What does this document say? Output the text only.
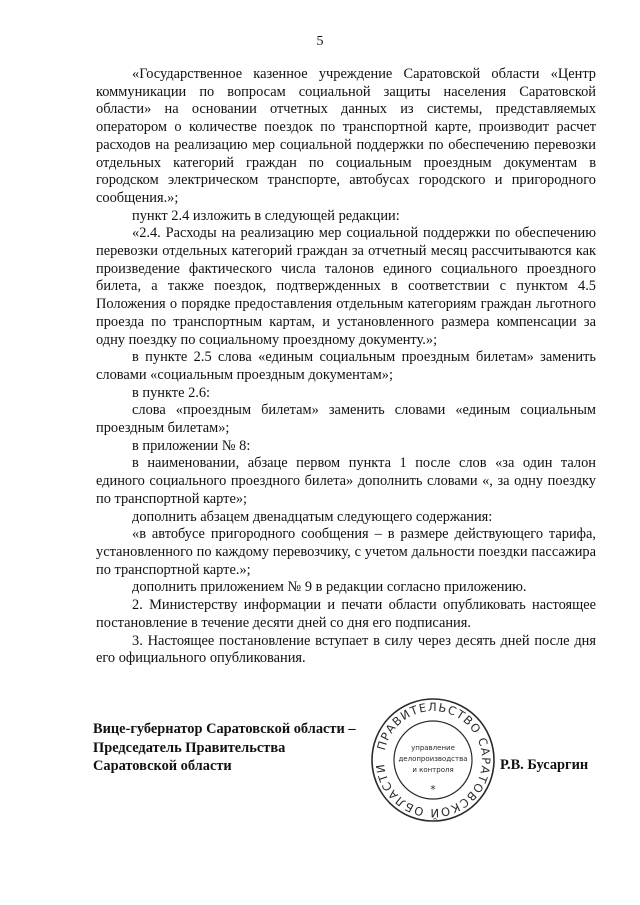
5

«Государственное казенное учреждение Саратовской области «Центр коммуникации по вопросам социальной защиты населения Саратовской области» на основании отчетных данных из системы, представляемых оператором о количестве поездок по транспортной карте, производит расчет расходов на реализацию мер социальной поддержки по обеспечению перевозки отдельных категорий граждан по социальным проездным документам в городском электрическом транспорте, автобусах городского и пригородного сообщения.»;

пункт 2.4 изложить в следующей редакции:

«2.4. Расходы на реализацию мер социальной поддержки по обеспечению перевозки отдельных категорий граждан за отчетный месяц рассчитываются как произведение фактического числа талонов единого социального проездного билета, а также поездок, подтвержденных в соответствии с пунктом 4.5 Положения о порядке предоставления отдельным категориям граждан льготного проезда по транспортным картам, и установленного размера компенсации за одну поездку по социальному проездному документу.»;

в пункте 2.5 слова «единым социальным проездным билетам» заменить словами «социальным проездным документам»;

в пункте 2.6:

слова «проездным билетам» заменить словами «единым социальным проездным билетам»;

в приложении № 8:

в наименовании, абзаце первом пункта 1 после слов «за один талон единого социального проездного билета» дополнить словами «, за одну поездку по транспортной карте»;

дополнить абзацем двенадцатым следующего содержания:

«в автобусе пригородного сообщения – в размере действующего тарифа, установленного по каждому перевозчику, с учетом дальности поездки пассажира по транспортной карте.»;

дополнить приложением № 9 в редакции согласно приложению.

2. Министерству информации и печати области опубликовать настоящее постановление в течение десяти дней со дня его подписания.

3. Настоящее постановление вступает в силу через десять дней после дня его официального опубликования.

Вице-губернатор Саратовской области –
Председатель Правительства
Саратовской области
ПРАВИТЕЛЬСТВО САРАТОВСКОЙ ОБЛАСТИ
управление
делопроизводства
и контроля
*
Р.В. Бусаргин
